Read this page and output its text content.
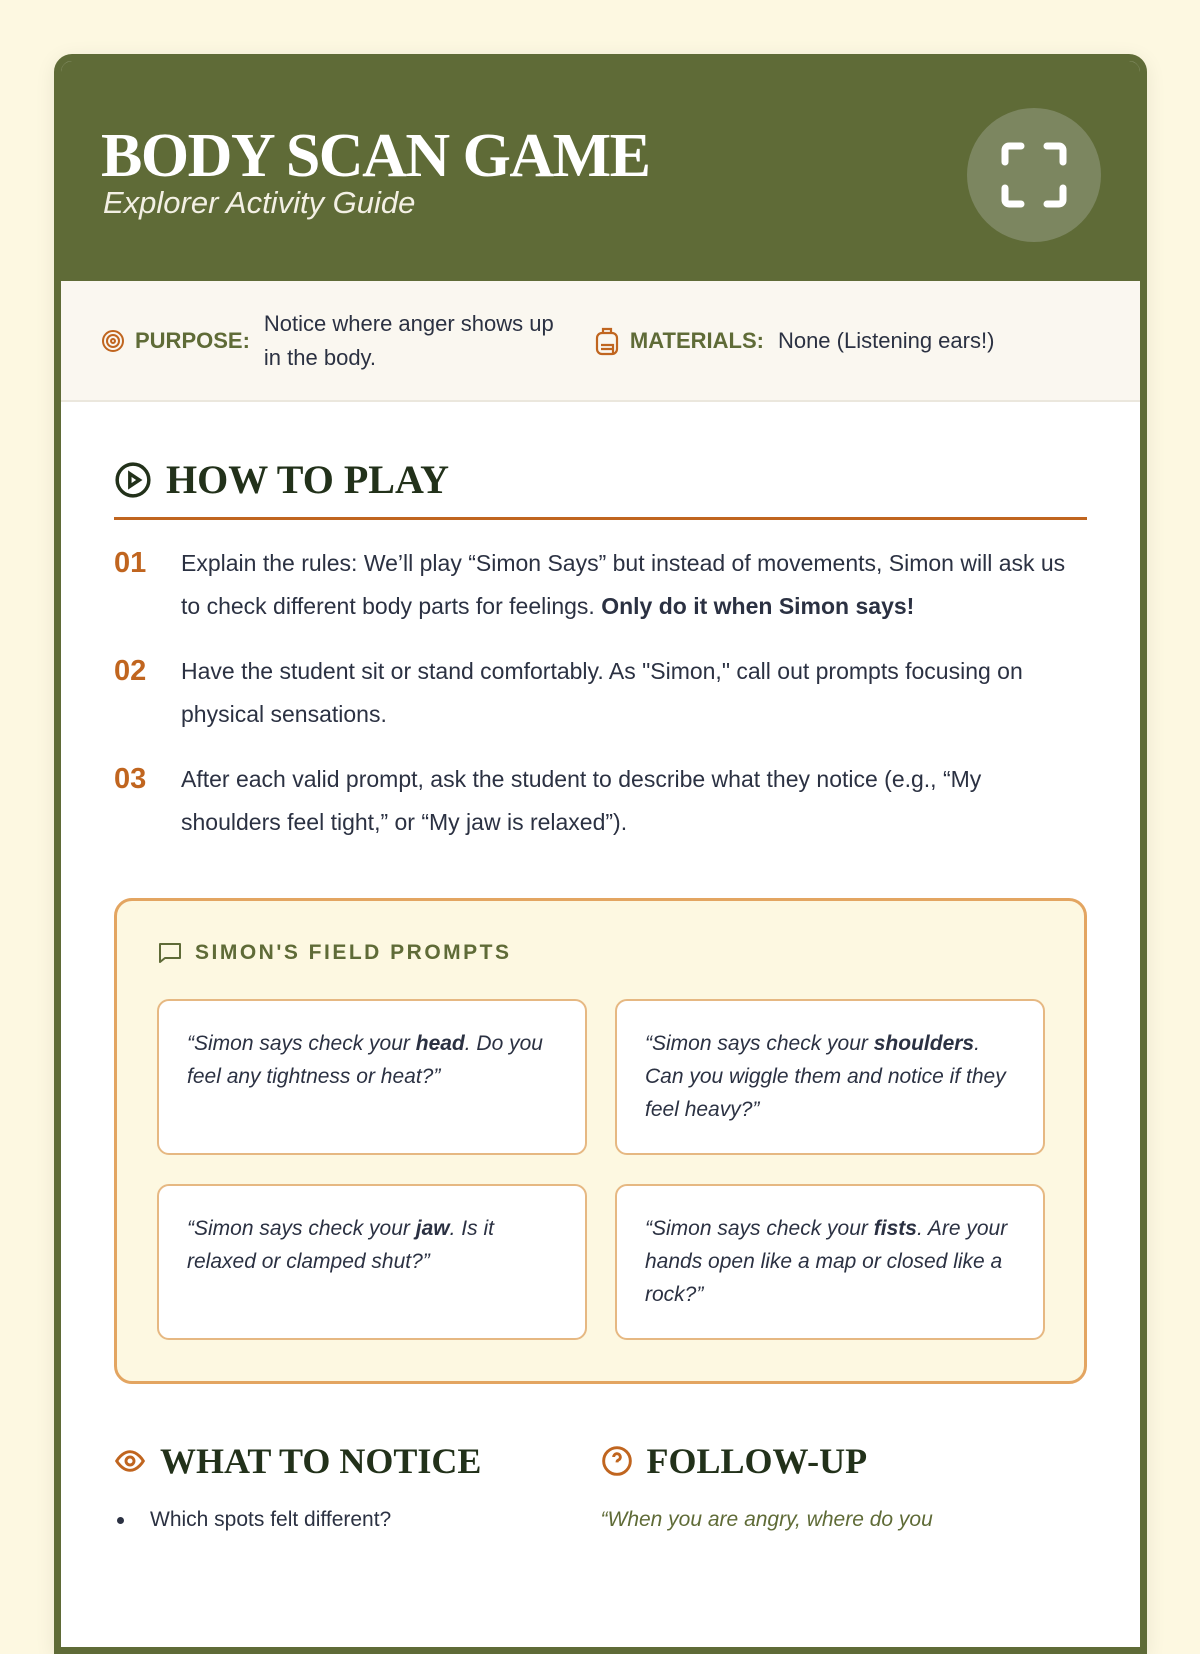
BODY SCAN GAME
Explorer Activity Guide
PURPOSE:
Notice where anger shows up
in the body.
MATERIALS: None (Listening ears!)
HOW TO PLAY
01	Explain the rules: We’ll play “Simon Says” but instead of movements, Simon will ask us to check different body parts for feelings. Only do it when Simon says!
02	Have the student sit or stand comfortably. As "Simon," call out prompts focusing on physical sensations.
03	After each valid prompt, ask the student to describe what they notice (e.g., “My shoulders feel tight,” or “My jaw is relaxed”).
SIMON'S FIELD PROMPTS
“Simon says check your head. Do you feel any tightness or heat?”
“Simon says check your shoulders. Can you wiggle them and notice if they feel heavy?”
“Simon says check your jaw. Is it relaxed or clamped shut?”
“Simon says check your fists. Are your hands open like a map or closed like a rock?”
WHAT TO NOTICE
Which spots felt different?
FOLLOW-UP
“When you are angry, where do you
